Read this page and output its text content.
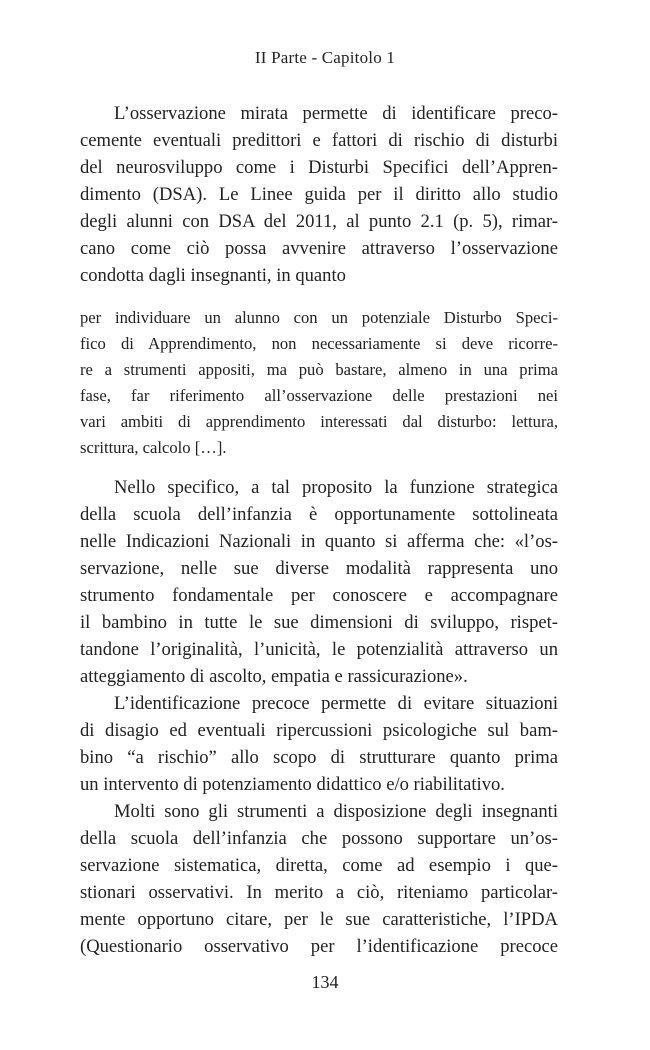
II Parte - Capitolo 1
L’osservazione mirata permette di identificare preco-
cemente eventuali predittori e fattori di rischio di disturbi
del neurosviluppo come i Disturbi Specifici dell’Appren-
dimento (DSA). Le Linee guida per il diritto allo studio
degli alunni con DSA del 2011, al punto 2.1 (p. 5), rimar-
cano come ciò possa avvenire attraverso l’osservazione
condotta dagli insegnanti, in quanto
per individuare un alunno con un potenziale Disturbo Speci-
fico di Apprendimento, non necessariamente si deve ricorre-
re a strumenti appositi, ma può bastare, almeno in una prima
fase, far riferimento all’osservazione delle prestazioni nei
vari ambiti di apprendimento interessati dal disturbo: lettura,
scrittura, calcolo […].
Nello specifico, a tal proposito la funzione strategica
della scuola dell’infanzia è opportunamente sottolineata
nelle Indicazioni Nazionali in quanto si afferma che: «l’os-
servazione, nelle sue diverse modalità rappresenta uno
strumento fondamentale per conoscere e accompagnare
il bambino in tutte le sue dimensioni di sviluppo, rispet-
tandone l’originalità, l’unicità, le potenzialità attraverso un
atteggiamento di ascolto, empatia e rassicurazione».
L’identificazione precoce permette di evitare situazioni
di disagio ed eventuali ripercussioni psicologiche sul bam-
bino “a rischio” allo scopo di strutturare quanto prima
un intervento di potenziamento didattico e/o riabilitativo.
Molti sono gli strumenti a disposizione degli insegnanti
della scuola dell’infanzia che possono supportare un’os-
servazione sistematica, diretta, come ad esempio i que-
stionari osservativi. In merito a ciò, riteniamo particolar-
mente opportuno citare, per le sue caratteristiche, l’IPDA
(Questionario osservativo per l’identificazione precoce
134
